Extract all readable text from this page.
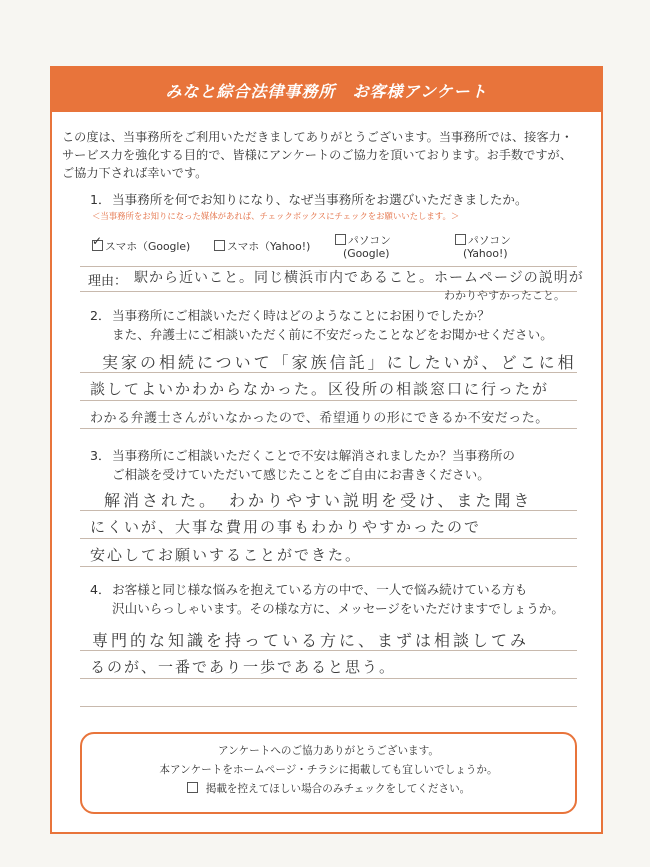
みなと綜合法律事務所　お客様アンケート
この度は、当事務所をご利用いただきましてありがとうございます。当事務所では、接客力・
サービス力を強化する目的で、皆様にアンケートのご協力を頂いております。お手数ですが、
ご協力下されば幸いです。
1．当事務所を何でお知りになり、なぜ当事務所をお選びいただきましたか。
＜当事務所をお知りになった媒体があれば、チェックボックスにチェックをお願いいたします。＞
✓スマホ（Google)	スマホ（Yahoo!)	パソコン
(Google)
パソコン
(Yahoo!)
理由： 駅から近いこと。同じ横浜市内であること。ホームページの説明が
わかりやすかったこと。
2．当事務所にご相談いただく時はどのようなことにお困りでしたか？
また、弁護士にご相談いただく前に不安だったことなどをお聞かせください。
実家の相続について「家族信託」にしたいが、どこに相
談してよいかわからなかった。区役所の相談窓口に行ったが
わかる弁護士さんがいなかったので、希望通りの形にできるか不安だった。
3．当事務所にご相談いただくことで不安は解消されましたか？当事務所の
ご相談を受けていただいて感じたことをご自由にお書きください。
解消された。　わかりやすい説明を受け、また聞き
にくいが、大事な費用の事もわかりやすかったので
安心してお願いすることができた。
4．お客様と同じ様な悩みを抱えている方の中で、一人で悩み続けている方も
沢山いらっしゃいます。その様な方に、メッセージをいただけますでしょうか。
専門的な知識を持っている方に、まずは相談してみ
るのが、一番であり一歩であると思う。
アンケートへのご協力ありがとうございます。
本アンケートをホームページ・チラシに掲載しても宜しいでしょうか。
掲載を控えてほしい場合のみチェックをしてください。
